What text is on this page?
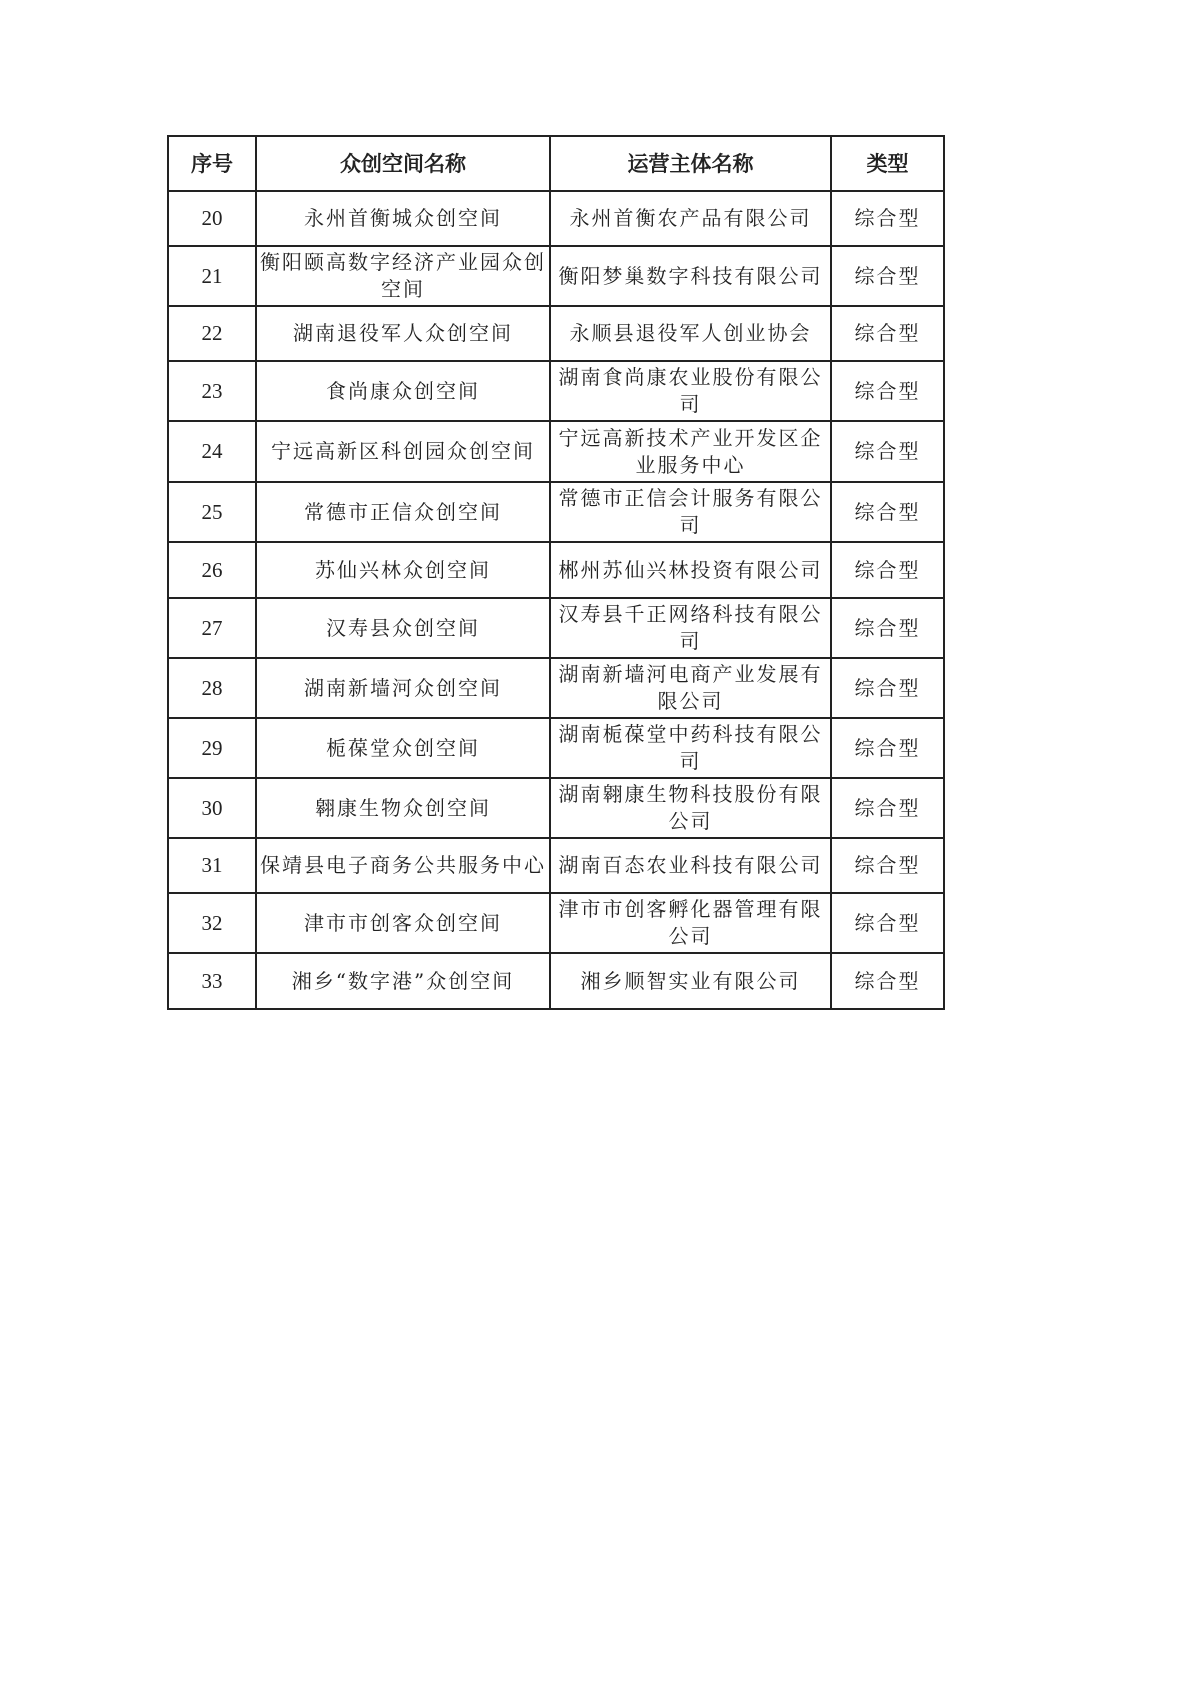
序号	众创空间名称	运营主体名称	类型
20	永州首衡城众创空间	永州首衡农产品有限公司	综合型
21	衡阳颐高数字经济产业园众创空间	衡阳梦巢数字科技有限公司	综合型
22	湖南退役军人众创空间	永顺县退役军人创业协会	综合型
23	食尚康众创空间	湖南食尚康农业股份有限公司	综合型
24	宁远高新区科创园众创空间	宁远高新技术产业开发区企业服务中心	综合型
25	常德市正信众创空间	常德市正信会计服务有限公司	综合型
26	苏仙兴林众创空间	郴州苏仙兴林投资有限公司	综合型
27	汉寿县众创空间	汉寿县千正网络科技有限公司	综合型
28	湖南新墙河众创空间	湖南新墙河电商产业发展有限公司	综合型
29	栀葆堂众创空间	湖南栀葆堂中药科技有限公司	综合型
30	翱康生物众创空间	湖南翱康生物科技股份有限公司	综合型
31	保靖县电子商务公共服务中心	湖南百态农业科技有限公司	综合型
32	津市市创客众创空间	津市市创客孵化器管理有限公司	综合型
33	湘乡“数字港”众创空间	湘乡顺智实业有限公司	综合型
